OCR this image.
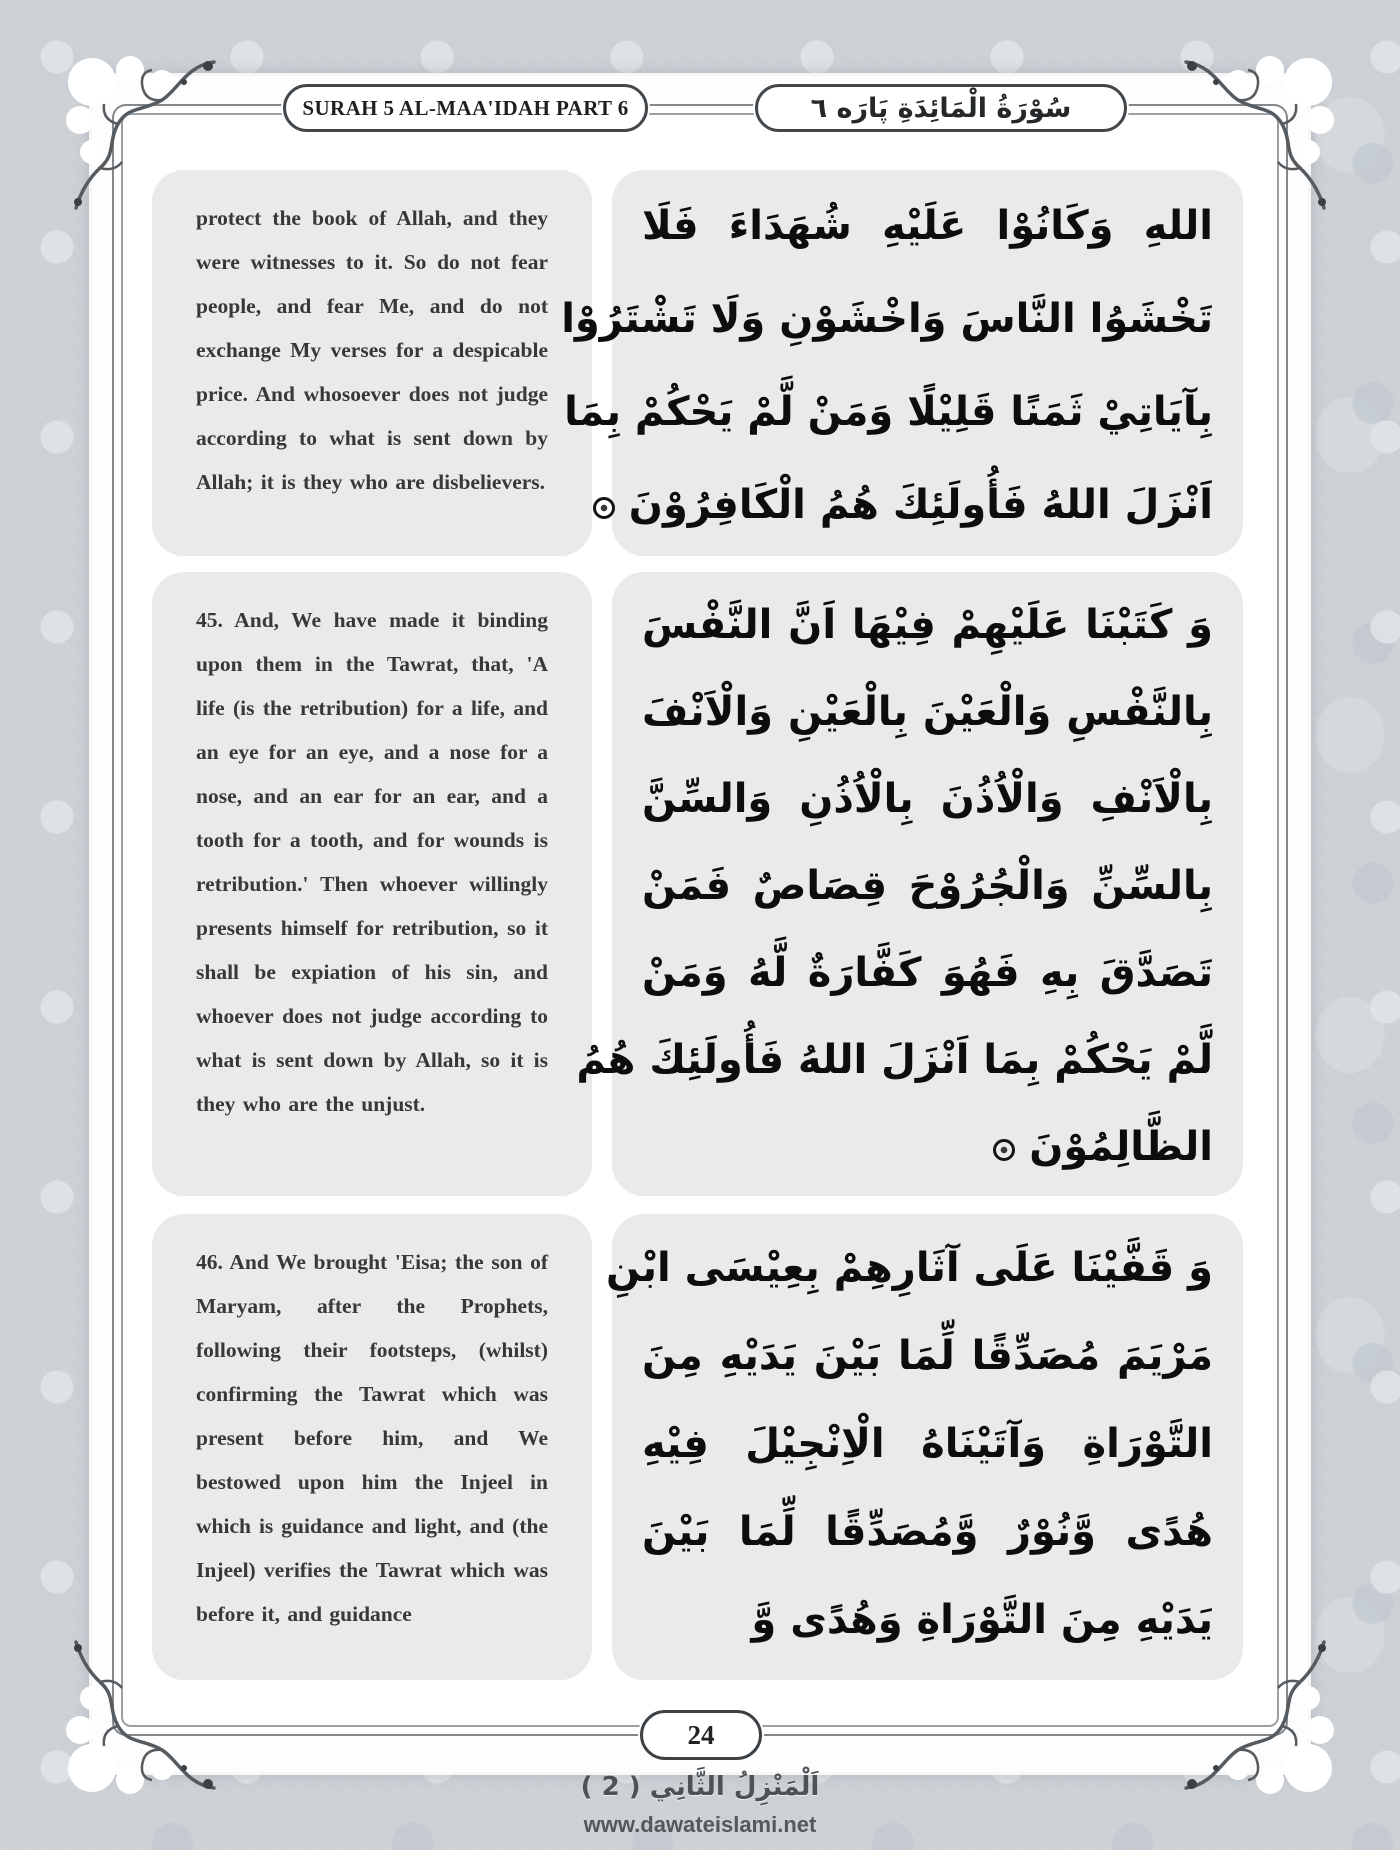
SURAH 5 AL-MAA'IDAH PART 6	سُوْرَةُ الْمَائِدَةِ پَارَه ٦

protect the book of Allah, and they were witnesses to it. So do not fear people, and fear Me, and do not exchange My verses for a despicable price. And whosoever does not judge according to what is sent down by Allah; it is they who are disbelievers.

45. And, We have made it binding upon them in the Tawrat, that, 'A life (is the retribution) for a life, and an eye for an eye, and a nose for a nose, and an ear for an ear, and a tooth for a tooth, and for wounds is retribution.' Then whoever willingly presents himself for retribution, so it shall be expiation of his sin, and whoever does not judge according to what is sent down by Allah, so it is they who are the unjust.

46. And We brought 'Eisa; the son of Maryam, after the Prophets, following their footsteps, (whilst) confirming the Tawrat which was present before him, and We bestowed upon him the Injeel in which is guidance and light, and (the Injeel) verifies the Tawrat which was before it, and guidance

اللهِ وَكَانُوْا عَلَيْهِ شُهَدَاءَ فَلَا
تَخْشَوُا النَّاسَ وَاخْشَوْنِ وَلَا تَشْتَرُوْا
بِآيَاتِيْ ثَمَنًا قَلِيْلًا وَمَنْ لَّمْ يَحْكُمْ بِمَا
اَنْزَلَ اللهُ فَأُولَئِكَ هُمُ الْكَافِرُوْنَ
وَ كَتَبْنَا عَلَيْهِمْ فِيْهَا اَنَّ النَّفْسَ
بِالنَّفْسِ وَالْعَيْنَ بِالْعَيْنِ وَالْاَنْفَ
بِالْاَنْفِ وَالْاُذُنَ بِالْاُذُنِ وَالسِّنَّ
بِالسِّنِّ وَالْجُرُوْحَ قِصَاصٌ فَمَنْ
تَصَدَّقَ بِهِ فَهُوَ كَفَّارَةٌ لَّهُ وَمَنْ
لَّمْ يَحْكُمْ بِمَا اَنْزَلَ اللهُ فَأُولَئِكَ هُمُ
الظَّالِمُوْنَ
وَ قَفَّيْنَا عَلَى آثَارِهِمْ بِعِيْسَى ابْنِ
مَرْيَمَ مُصَدِّقًا لِّمَا بَيْنَ يَدَيْهِ مِنَ
التَّوْرَاةِ وَآتَيْنَاهُ الْاِنْجِيْلَ فِيْهِ
هُدًى وَّنُوْرٌ وَّمُصَدِّقًا لِّمَا بَيْنَ
يَدَيْهِ مِنَ التَّوْرَاةِ وَهُدًى وَّ
24
اَلْمَنْزِلُ الثَّانِي ( 2 )
www.dawateislami.net
